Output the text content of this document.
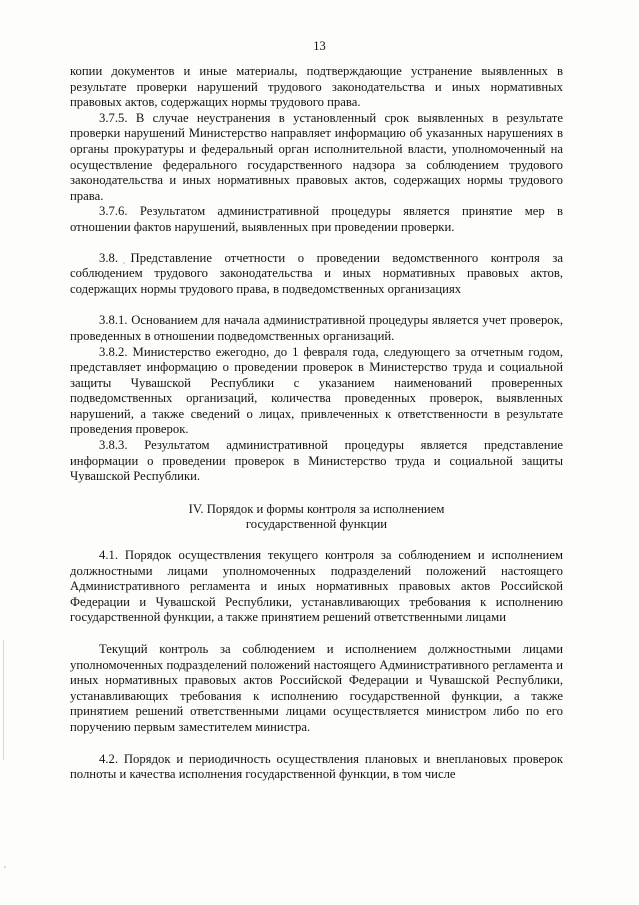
13

копии документов и иные материалы, подтверждающие устранение выявленных в результате проверки нарушений трудового законодательства и иных нормативных правовых актов, содержащих нормы трудового права.

3.7.5. В случае неустранения в установленный срок выявленных в результате проверки нарушений Министерство направляет информацию об указанных нарушениях в органы прокуратуры и федеральный орган исполнительной власти, уполномоченный на осуществление федерального государственного надзора за соблюдением трудового законодательства и иных нормативных правовых актов, содержащих нормы трудового права.

3.7.6. Результатом административной процедуры является принятие мер в отношении фактов нарушений, выявленных при проведении проверки.

3.8. Представление отчетности о проведении ведомственного контроля за соблюдением трудового законодательства и иных нормативных правовых актов, содержащих нормы трудового права, в подведомственных организациях

3.8.1. Основанием для начала административной процедуры является учет проверок, проведенных в отношении подведомственных организаций.

3.8.2. Министерство ежегодно, до 1 февраля года, следующего за отчетным годом, представляет информацию о проведении проверок в Министерство труда и социальной защиты Чувашской Республики с указанием наименований проверенных подведомственных организаций, количества проведенных проверок, выявленных нарушений, а также сведений о лицах, привлеченных к ответственности в результате проведения проверок.

3.8.3. Результатом административной процедуры является представление информации о проведении проверок в Министерство труда и социальной защиты Чувашской Республики.

IV. Порядок и формы контроля за исполнением
государственной функции

4.1. Порядок осуществления текущего контроля за соблюдением и исполнением должностными лицами уполномоченных подразделений положений настоящего Административного регламента и иных нормативных правовых актов Российской Федерации и Чувашской Республики, устанавливающих требования к исполнению государственной функции, а также принятием решений ответственными лицами

Текущий контроль за соблюдением и исполнением должностными лицами уполномоченных подразделений положений настоящего Административного регламента и иных нормативных правовых актов Российской Федерации и Чувашской Республики, устанавливающих требования к исполнению государственной функции, а также принятием решений ответственными лицами осуществляется министром либо по его поручению первым заместителем министра.

4.2. Порядок и периодичность осуществления плановых и внеплановых проверок полноты и качества исполнения государственной функции, в том числе
